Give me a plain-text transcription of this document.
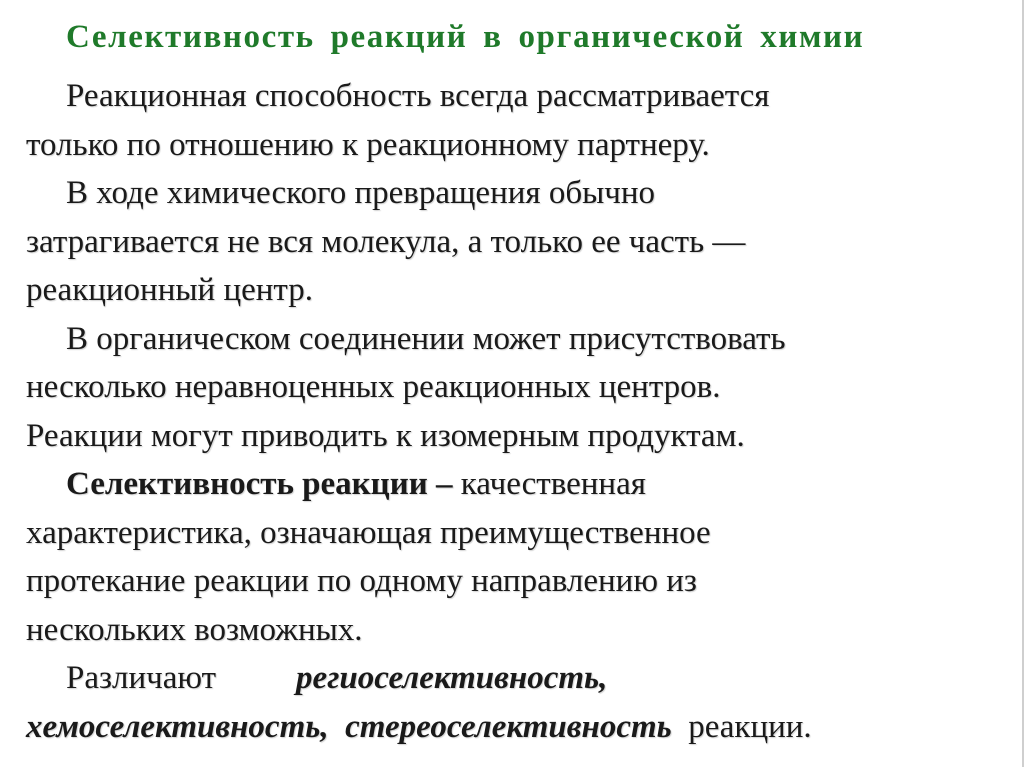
Селективность реакций в органической химии
Реакционная способность всегда рассматривается
только по отношению к реакционному партнеру.
В ходе химического превращения обычно
затрагивается не вся молекула, а только ее часть —
реакционный центр.
В органическом соединении может присутствовать
несколько неравноценных реакционных центров.
Реакции могут приводить к изомерным продуктам.
Селективность реакции – качественная
характеристика, означающая преимущественное
протекание реакции по одному направлению из
нескольких возможных.
Различают региоселективность,
хемоселективность, стереоселективность реакции.
